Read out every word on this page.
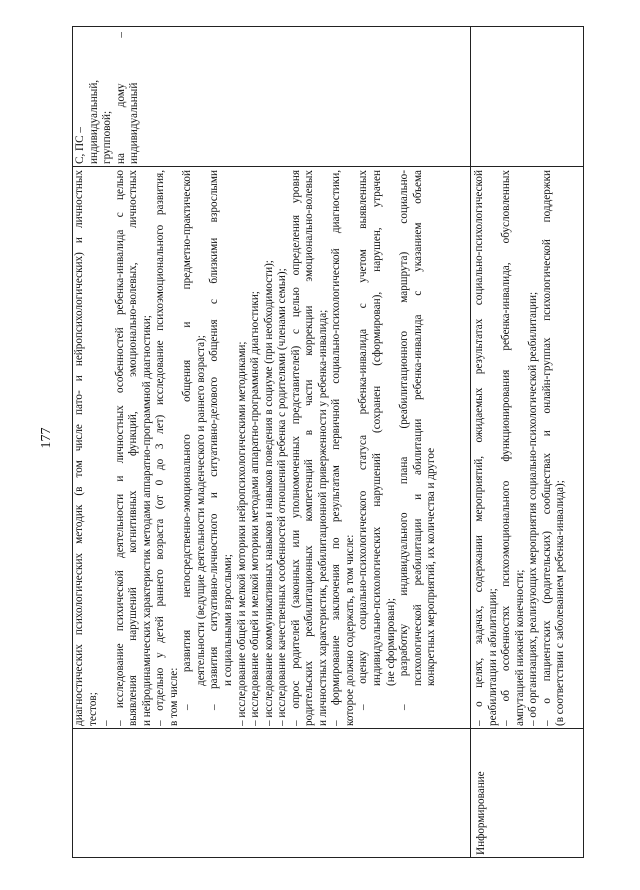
177 диагностических психологических методик (в том числе пато- и нейропсихологических) и личностных тестов; – – исследование психической деятельности и личностных особенностей ребенка-инвалида с целью выявления нарушений когнитивных функций, эмоционально-волевых, личностных и нейродинамических характеристик методами аппаратно-программной диагностики; – отдельно у детей раннего возраста (от 0 до 3 лет) исследование психоэмоционального развития, в том числе: – развития непосредственно-эмоционального общения и предметно-практической деятельности (ведущие деятельности младенческого и раннего возраста); – развития ситуативно-личностного и ситуативно-делового общения с близкими взрослыми и социальными взрослыми; – исследование общей и мелкой моторики нейропсихологическими методиками; – исследование общей и мелкой моторики методами аппаратно-программной диагностики; – исследование коммуникативных навыков и навыков поведения в социуме (при необходимости); – исследование качественных особенностей отношений ребенка с родителями (членами семьи); – опрос родителей (законных или уполномоченных представителей) с целью определения уровня родительских реабилитационных компетенций в части коррекции эмоционально-волевых и личностных характеристик, реабилитационной приверженности у ребенка-инвалида; – формирование заключения по результатам первичной социально-психологической диагностики, которое должно содержать, в том числе: – оценку социально-психологического статуса ребенка-инвалида с учетом выявленных индивидуально-психологических нарушений (сохранен (сформирован), нарушен, утрачен (не сформирован); – разработку индивидуального плана (реабилитационного маршрута) социально- психологической реабилитации и абилитации ребенка-инвалида с указанием объема конкретных мероприятий, их количества и другое
С, ПС – индивидуальный, групповой; на дому – индивидуальный
Информирование
– о целях, задачах, содержании мероприятий, ожидаемых результатах социально-психологической реабилитации и абилитации; – об особенностях психоэмоционального функционирования ребенка-инвалида, обусловленных ампутацией нижней конечности; – об организациях, реализующих мероприятия социально-психологической реабилитации; – о пациентских (родительских) сообществах и онлайн-группах психологической поддержки (в соответствии с заболеванием ребенка-инвалида);
